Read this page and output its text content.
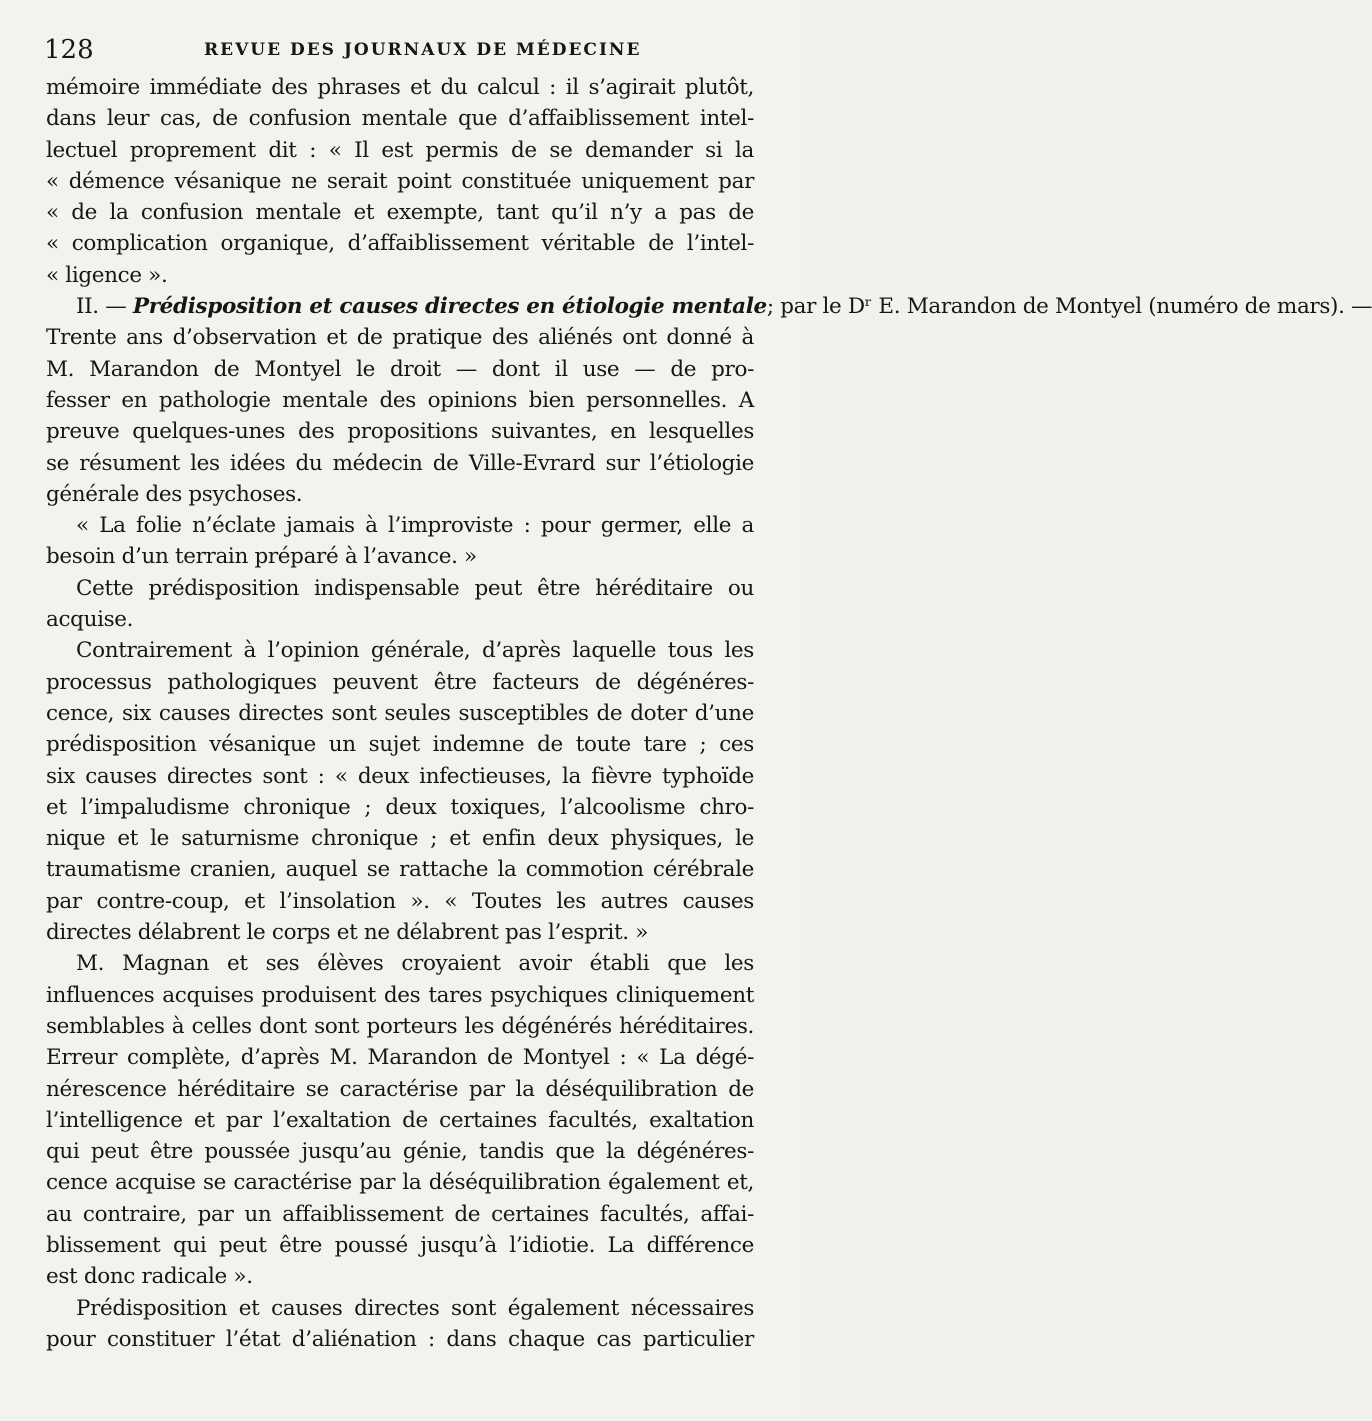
128	REVUE DES JOURNAUX DE MÉDECINE
mémoire immédiate des phrases et du calcul : il s’agirait plutôt,
dans leur cas, de confusion mentale que d’affaiblissement intel-
lectuel proprement dit : « Il est permis de se demander si la
« démence vésanique ne serait point constituée uniquement par
« de la confusion mentale et exempte, tant qu’il n’y a pas de
« complication organique, d’affaiblissement véritable de l’intel-
« ligence ».
II. — Prédisposition et causes directes en étiologie mentale; par le Dʳ E. Marandon de Montyel (numéro de mars). —
Trente ans d’observation et de pratique des aliénés ont donné à
M. Marandon de Montyel le droit — dont il use — de pro-
fesser en pathologie mentale des opinions bien personnelles. A
preuve quelques-unes des propositions suivantes, en lesquelles
se résument les idées du médecin de Ville-Evrard sur l’étiologie
générale des psychoses.
« La folie n’éclate jamais à l’improviste : pour germer, elle a
besoin d’un terrain préparé à l’avance. »
Cette prédisposition indispensable peut être héréditaire ou
acquise.
Contrairement à l’opinion générale, d’après laquelle tous les
processus pathologiques peuvent être facteurs de dégénéres-
cence, six causes directes sont seules susceptibles de doter d’une
prédisposition vésanique un sujet indemne de toute tare ; ces
six causes directes sont : « deux infectieuses, la fièvre typhoïde
et l’impaludisme chronique ; deux toxiques, l’alcoolisme chro-
nique et le saturnisme chronique ; et enfin deux physiques, le
traumatisme cranien, auquel se rattache la commotion cérébrale
par contre-coup, et l’insolation ». « Toutes les autres causes
directes délabrent le corps et ne délabrent pas l’esprit. »
M. Magnan et ses élèves croyaient avoir établi que les
influences acquises produisent des tares psychiques cliniquement
semblables à celles dont sont porteurs les dégénérés héréditaires.
Erreur complète, d’après M. Marandon de Montyel : « La dégé-
nérescence héréditaire se caractérise par la déséquilibration de
l’intelligence et par l’exaltation de certaines facultés, exaltation
qui peut être poussée jusqu’au génie, tandis que la dégénéres-
cence acquise se caractérise par la déséquilibration également et,
au contraire, par un affaiblissement de certaines facultés, affai-
blissement qui peut être poussé jusqu’à l’idiotie. La différence
est donc radicale ».
Prédisposition et causes directes sont également nécessaires
pour constituer l’état d’aliénation : dans chaque cas particulier
